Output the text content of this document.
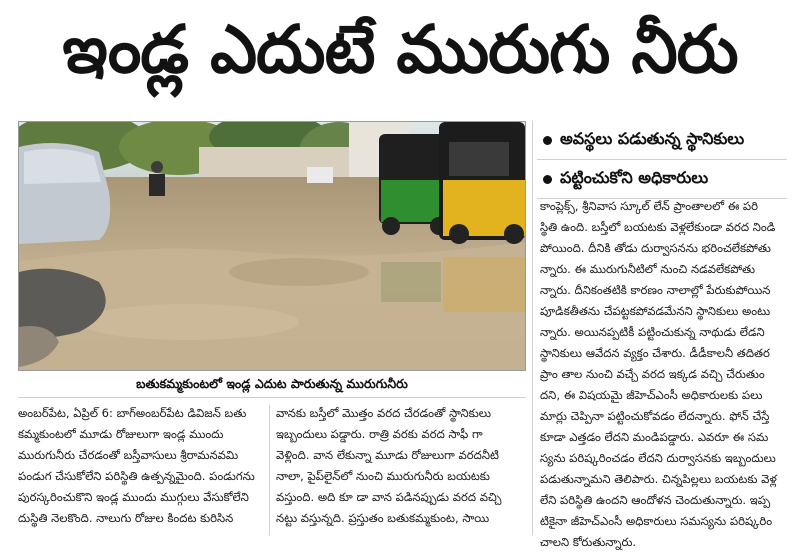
ఇండ్ల ఎదుటే మురుగు నీరు
బతుకమ్మకుంటలో ఇండ్ల ఎదుట పారుతున్న మురుగునీరు
అవస్థలు పడుతున్న స్థానికులు
పట్టించుకోని అధికారులు
అంబర్‌పేట, ఏప్రిల్ 6: బాగ్అంబర్‌పేట డివిజన్ బతు
కమ్మకుంటలో మూడు రోజులుగా ఇండ్ల ముందు
మురుగునీరు చేరడంతో బస్తీవాసులు శ్రీరామనవమి
పండుగ చేసుకోలేని పరిస్థితి ఉత్పన్నమైంది. పండుగను
పురస్కరించుకొని ఇండ్ల ముందు ముగ్గులు వేసుకోలేని
దుస్థితి నెలకొంది. నాలుగు రోజుల కిందట కురిసిన
వానకు బస్తీలో మొత్తం వరద చేరడంతో స్థానికులు
ఇబ్బందులు పడ్డారు. రాత్రి వరకు వరద సాఫీ గా
వెళ్లింది. వాన లేకున్నా మూడు రోజులుగా వరదనీటి
నాలా, పైప్‌లైన్‌లో నుంచి మురుగునీరు బయటకు
వస్తుంది. అది కూ డా వాన పడినప్పుడు వరద వచ్చి
నట్టు వస్తున్నది. ప్రస్తుతం బతుకమ్మకుంట, సాయి
కాంప్లెక్స్, శ్రీనివాస స్కూల్ లేన్ ప్రాంతాలలో ఈ పరి
స్థితి ఉంది. బస్తీలో బయటకు వెళ్లలేకుండా వరద నిండి
పోయింది. దీనికి తోడు దుర్వాసనను భరించలేకపోతు
న్నారు. ఈ మురుగునీటిలో నుంచి నడవలేకపోతు
న్నారు. దీనికంతటికి కారణం నాలాల్లో పేరుకుపోయిన
పూడికతీతను చేపట్టకపోవడమేనని స్థానికులు అంటు
న్నారు. అయినప్పటికీ పట్టించుకున్న నాథుడు లేడని
స్థానికులు ఆవేదన వ్యక్తం చేశారు. డీడీకాలనీ తదితర
ప్రాం తాల నుంచి వచ్చే వరద ఇక్కడ వచ్చి చేరుతుం
దని, ఈ విషయమై జీహెచ్ఎంసీ అధికారులకు పలు
మార్లు చెప్పినా పట్టించుకోవడం లేదన్నారు. ఫోన్ చేస్తే
కూడా ఎత్తడం లేదని మండిపడ్డారు. ఎవరూ ఈ సమ
స్యను పరిష్కరించడం లేదని దుర్వాసనకు ఇబ్బందులు
పడుతున్నామని తెలిపారు. చిన్నపిల్లలు బయటకు వెళ్ల
లేని పరిస్థితి ఉందని ఆందోళన చెందుతున్నారు. ఇప్ప
టికైనా జీహెచ్ఎంసీ అధికారులు సమస్యను పరిష్కరిం
చాలని కోరుతున్నారు.
